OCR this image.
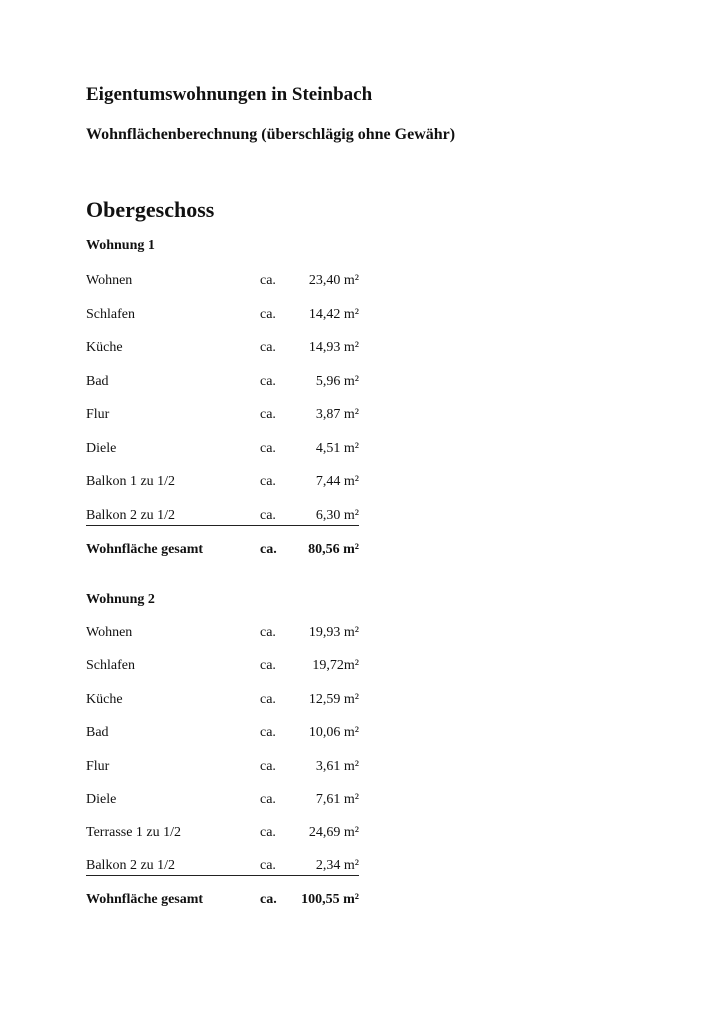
Eigentumswohnungen in Steinbach
Wohnflächenberechnung (überschlägig ohne Gewähr)
Obergeschoss
Wohnung 1
Wohnen	ca. 23,40 m²
Schlafen	ca. 14,42 m²
Küche	ca. 14,93 m²
Bad	ca.	5,96 m²
Flur	ca.	3,87 m²
Diele	ca.	4,51 m²
Balkon 1 zu 1/2	ca.	7,44 m²
Balkon 2 zu 1/2	ca.	6,30 m²
Wohnfläche gesamt	ca. 80,56 m²
Wohnung 2
Wohnen	ca. 19,93 m²
Schlafen	ca.	19,72m²
Küche	ca. 12,59 m²
Bad	ca. 10,06 m²
Flur	ca.	3,61 m²
Diele	ca.	7,61 m²
Terrasse 1 zu 1/2	ca. 24,69 m²
Balkon 2 zu 1/2	ca.	2,34 m²
Wohnfläche gesamt	ca. 100,55 m²
